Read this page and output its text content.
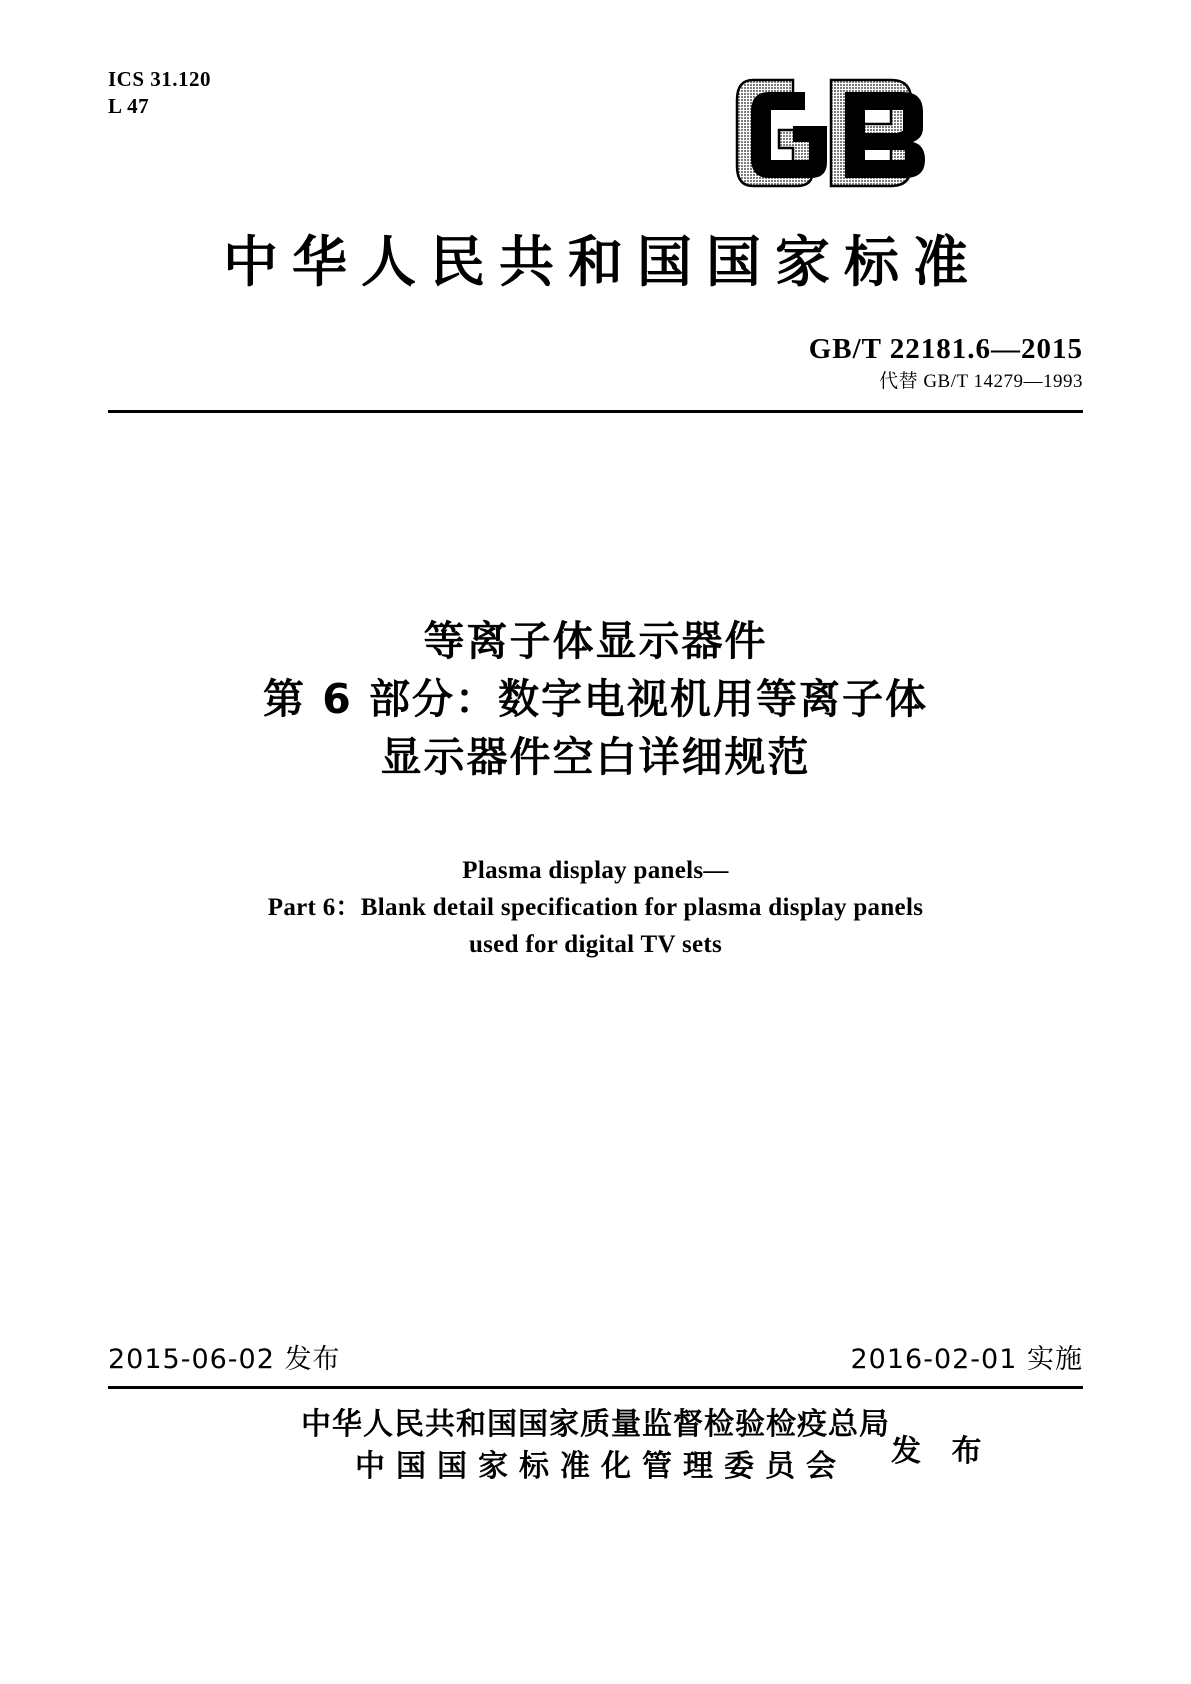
ICS 31.120
L 47
中华人民共和国国家标准
GB/T 22181.6—2015
代替 GB/T 14279—1993
等离子体显示器件
第 6 部分：数字电视机用等离子体
显示器件空白详细规范
Plasma display panels—
Part 6：Blank detail specification for plasma display panels
used for digital TV sets
2015-06-02 发布	2016-02-01 实施
中华人民共和国国家质量监督检验检疫总局
中国国家标准化管理委员会	发 布
